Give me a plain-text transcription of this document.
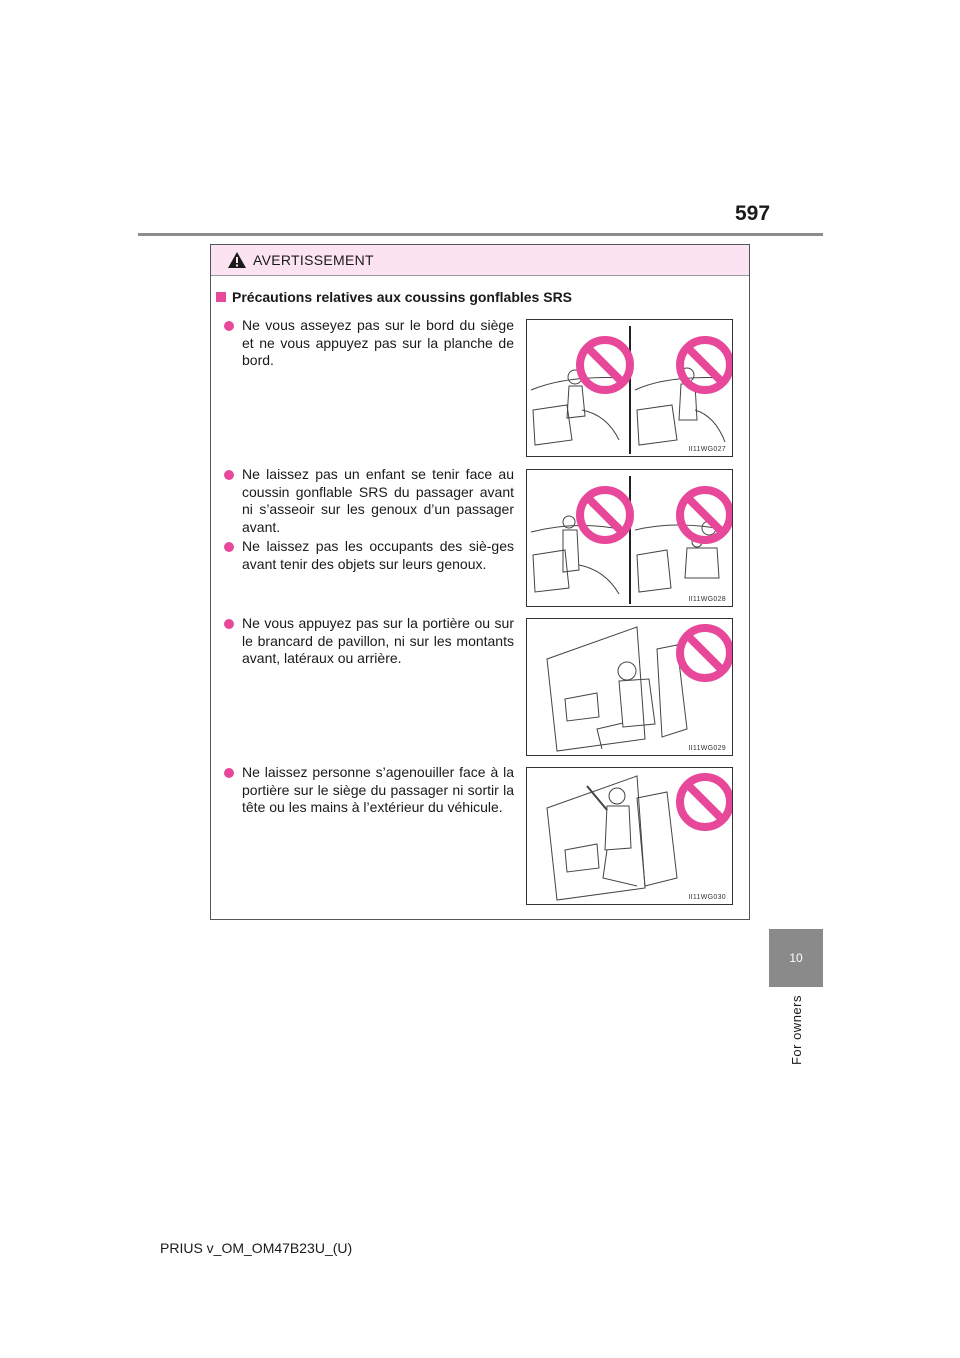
597
10
For owners
AVERTISSEMENT
Précautions relatives aux coussins gonflables SRS
Ne vous asseyez pas sur le bord du siège et ne vous appuyez pas sur la planche de bord.
Ne laissez pas un enfant se tenir face au coussin gonflable SRS du passager avant ni s’asseoir sur les genoux d’un passager avant.
Ne laissez pas les occupants des siè-ges avant tenir des objets sur leurs genoux.
Ne vous appuyez pas sur la portière ou sur le brancard de pavillon, ni sur les montants avant, latéraux ou arrière.
Ne laissez personne s’agenouiller face à la portière sur le siège du passager ni sortir la tête ou les mains à l’extérieur du véhicule.
II11WG027
II11WG028
II11WG029
II11WG030
PRIUS v_OM_OM47B23U_(U)
